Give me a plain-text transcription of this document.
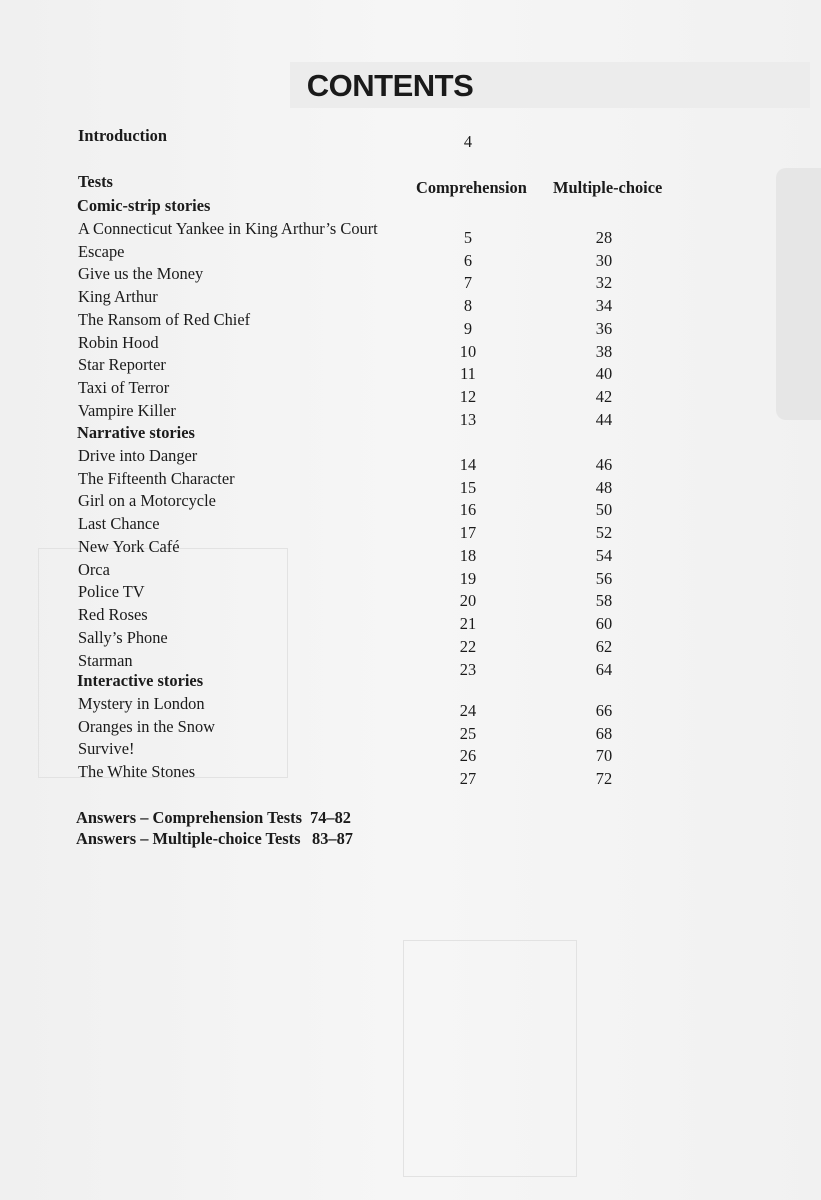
CONTENTS
Introduction	4
Tests	Comprehension Multiple-choice
Comic-strip stories
A Connecticut Yankee in King Arthur’s Court	5	28
Escape	6	30
Give us the Money	7	32
King Arthur	8	34
The Ransom of Red Chief	9	36
Robin Hood	10	38
Star Reporter	11	40
Taxi of Terror	12	42
Vampire Killer	13	44
Narrative stories
Drive into Danger	14	46
The Fifteenth Character	15	48
Girl on a Motorcycle	16	50
Last Chance	17	52
New York Café	18	54
Orca	19	56
Police TV	20	58
Red Roses	21	60
Sally’s Phone	22	62
Starman	23	64
Interactive stories
Mystery in London	24	66
Oranges in the Snow	25	68
Survive!	26	70
The White Stones	27	72
Answers – Comprehension Tests 74–82
Answers – Multiple-choice Tests 83–87
